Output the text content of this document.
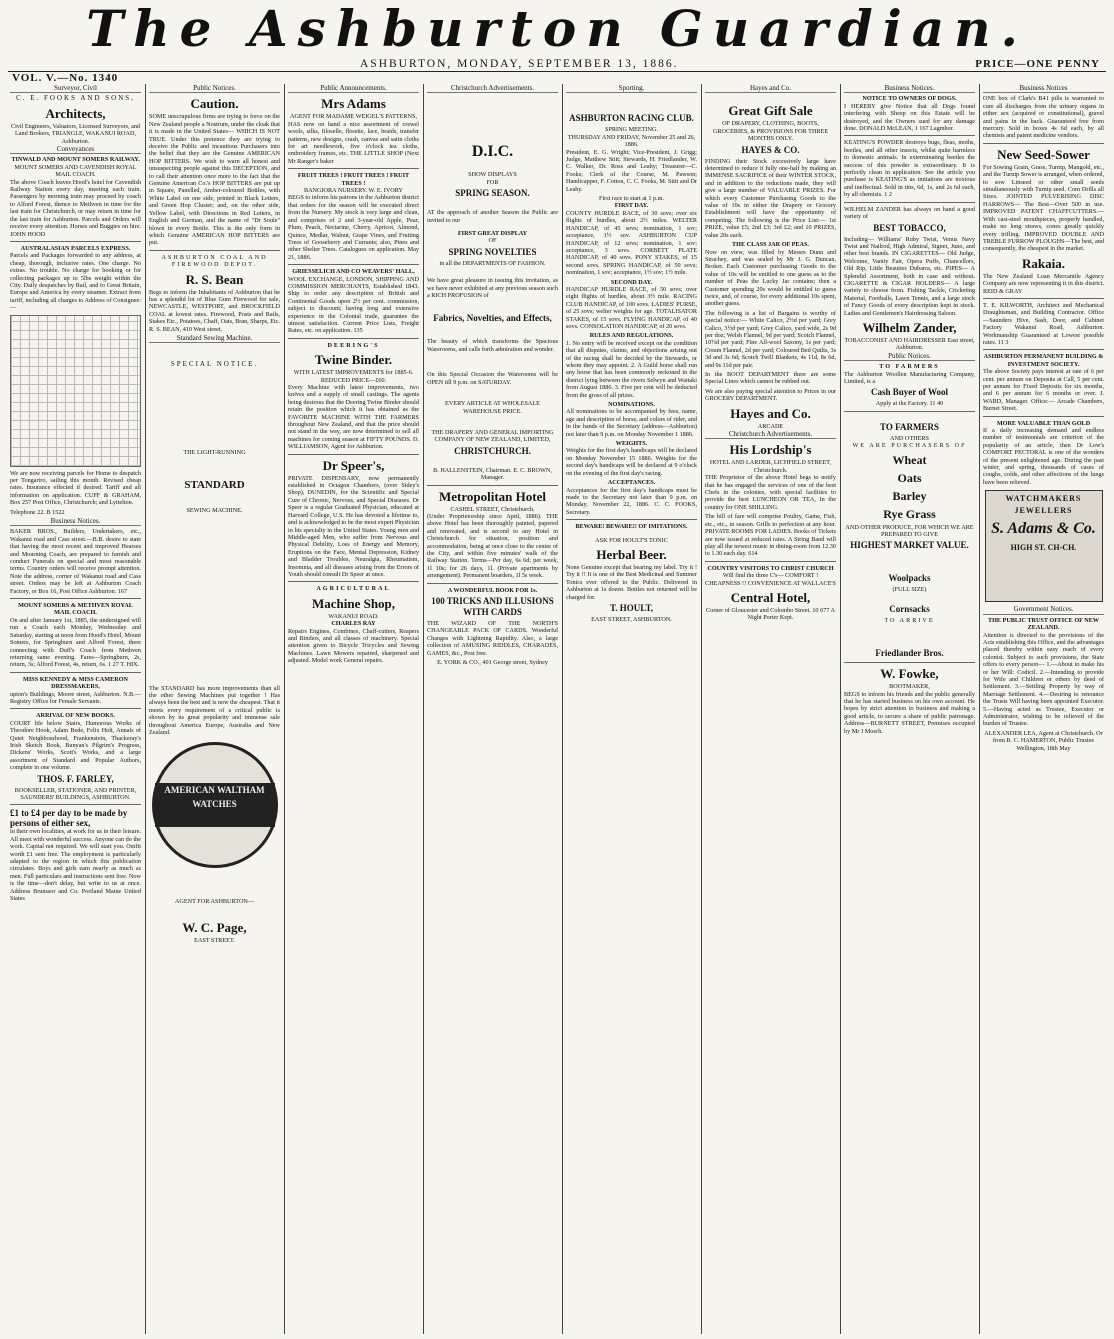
The Ashburton Guardian.
ASHBURTON, MONDAY, SEPTEMBER 13, 1886.	PRICE—ONE PENNY
VOL. V.—No. 1340
Surveyor, Civil
C. E. FOOKS AND SONS,
Architects,
Civil Engineers, Valuators, Licensed Surveyors, and Land Brokers, TRIANGLE, WAKANUI ROAD, Ashburton.
Conveyances
TINWALD AND MOUNT SOMERS RAILWAY.
MOUNT SOMERS AND CAVENDISH ROYAL MAIL COACH.
The above Coach leaves Hood's hotel for Cavendish Railway Station every day, meeting each train. Passengers by morning train may proceed by coach to Alford Forest, thence to Methven in time for the last train for Christchurch, or may return in time for the last train for Ashburton. Parcels and Orders will receive every attention. Horses and Buggies on hire. JOHN HOOD
AUSTRALASIAN PARCELS EXPRESS.
Parcels and Packages forwarded to any address, at cheap, thorough, inclusive rates. One charge. No extras. No trouble. No charge for booking or for collecting packages up to 5lbs weight within the City. Daily despatches by Rail, and to Great Britain, Europe and America by every steamer. Extract from tariff, including all charges to Address of Consignee:—
We are now receiving parcels for Home to despatch per Tongariro, sailing this month. Revised cheap rates. Insurance effected if desired. Tariff and all information on application. CUFF & GRAHAM, Box 257 Post Office, Christchurch; and Lyttelton.
Telephone 22. B 1522
Business Notices.
BAKER BROS., Builders, Undertakers, etc., Wakanui road and Cass street.—B.B. desire to state that having the most recent and improved Hearses and Mourning Coach, are prepared to furnish and conduct Funerals on special and most reasonable terms. Country orders will receive prompt attention. Note the address, corner of Wakanui road and Cass street. Orders may be left at Ashburton Coach Factory, or Box 16, Post Office Ashburton. 167
MOUNT SOMERS & METHVEN ROYAL MAIL COACH.
On and after January 1st, 1885, the undersigned will run a Coach each Monday, Wednesday and Saturday, starting at noon from Hood's Hotel, Mount Somers, for Springburn and Alford Forest, there connecting with Duff's Coach from Methven returning same evening. Fares—Springburn, 2s, return, 3s; Alford Forest, 4s, return, 6s. 1 27 T. HIX.
MISS KENNEDY & MISS CAMERON DRESSMAKERS,
upton's Buildings, Moore street, Ashburton. N.B.—Registry Office for Female Servants.
ARRIVAL OF NEW BOOKS.
COURT life below Stairs, Humorous Works of Theodore Hook, Adam Bede, Felix Holt, Annals of Quiet Neighbourhood, Frankenstein, Thackeray's Irish Sketch Book, Bunyan's Pilgrim's Progress, Dickens' Works, Scott's Works, and a large assortment of Standard and Popular Authors, complete in one volume.
THOS. F. FARLEY,
BOOKSELLER, STATIONER, AND PRINTER,
SAUNDERS' BUILDINGS, ASHBURTON.
£1 to £4 per day to be made by persons of either sex,
in their own localities, at work for us in their leisure. All meet with wonderful success. Anyone can do the work. Capital not required. We will start you. Outfit worth £1 sent free. The employment is particularly adapted to the region in which this publication circulates. Boys and girls earn nearly as much as men. Full particulars and instructions sent free. Now is the time—don't delay, but write to us at once. Address Brunssor and Co. Portland Maine United States
Public Notices.
Caution.
SOME unscrupulous firms are trying to force on the New Zealand people a Nostrum, under the cloak that it is made in the United States— WHICH IS NOT TRUE. Under this pretence they are trying to deceive the Public and incautious Purchasers into the belief that they are the Genuine AMERICAN HOP BITTERS. We wish to warn all honest and unsuspecting people against this DECEPTION, and to call their attention once more to the fact that the Genuine American Co.'s HOP BITTERS are put up in Square, Panelled, Amber-coloured Bottles, with White Label on one side, printed in Black Letters, and Green Hop Cluster; and, on the other side, Yellow Label, with Directions in Red Letters, in English and German, and the name of "Dr Soule" blown in every Bottle. This is the only form in which Genuine AMERICAN HOP BITTERS are put.
ASHBURTON COAL AND FIREWOOD DEPOT.
R. S. Bean
Begs to inform the Inhabitants of Ashburton that he has a splendid lot of Blue Gum Firewood for sale, NEWCASTLE, WESTPORT, and BROCKFIELD COAL at lowest rates. Firewood, Posts and Rails, Stakes Etc., Potatoes, Chaff, Oats, Bran, Sharps, Etc. R. S. BEAN, 410 West street.
Standard Sewing Machine.
SPECIAL NOTICE.
THE LIGHT-RUNNING
STANDARD
SEWING MACHINE.
The STANDARD has more improvements than all the other Sewing Machines put together ! Has always been the best and is now the cheapest. That it meets every requirement of a critical public is shown by its great popularity and immense sale throughout America Europe, Australia and New Zealand.
AMERICAN WALTHAM WATCHES
AGENT FOR ASHBURTON—
W. C. Page,
EAST STREET.
Public Announcements.
Mrs Adams
AGENT FOR MADAME WEIGEL'S PATTERNS,
HAS now on hand a nice assortment of crewel wools, silks, filoselle, flosette, lace, braids, transfer patterns, new designs, crash, canvas and satin cloths for art needlework, five o'clock tea cloths, embroidery frames, etc. THE LITTLE SHOP (Next Mr Ranger's baker
FRUIT TREES ! FRUIT TREES ! FRUIT TREES !
BANGIORA NURSERY. W. E. IVORY
BEGS to inform his patrons in the Ashburton district that orders for the season will be executed direct from the Nursery. My stock is very large and clean, and comprises of 2 and 3-year-old Apple, Pear, Plum, Peach, Nectarine, Cherry, Apricot, Almond, Quince, Medlar, Walnut, Grape Vines, and Fruiting Trees of Gooseberry and Currants; also, Pines and other Shelter Trees. Catalogues on application. May 21, 1886.
GRIESSELICH AND CO WEAVERS' HALL,
WOOL EXCHANGE, LONDON, SHIPPING AND COMMISSION MERCHANTS, Established 1843. Ship to order any description of British and Continental Goods upon 2½ per cent. commission, subject to discount; having long and extensive experience in the Colonial trade, guarantee the utmost satisfaction. Current Price Lists, Freight Rates, etc. on application. 135
DEERING'S
Twine Binder.
WITH LATEST IMPROVEMENTS for 1885-6. REDUCED PRICE—£60.
Every Machine with latest improvements, two knives and a supply of small castings. The agents being desirous that the Deering Twine Binder should retain the position which it has obtained as the FAVORITE MACHINE WITH THE FARMERS throughout New Zealand, and that the price should not stand in the way, are now determined to sell all machines for coming season at FIFTY POUNDS. D. WILLIAMSON, Agent for Ashburton.
Dr Speer's,
PRIVATE DISPENSARY, now permanently established in Octagon Chambers, (over Sidey's Shop), DUNEDIN, for the Scientific and Special Cure of Chronic, Nervous, and Special Diseases. Dr Speer is a regular Graduated Physician, educated at Harvard College, U.S. He has devoted a lifetime to, and is acknowledged to be the most expert Physician in his specialty in the United States. Young men and Middle-aged Men, who suffer from Nervous and Physical Debility, Loss of Energy and Memory, Eruptions on the Face, Mental Depression, Kidney and Bladder Troubles, Neuralgia, Rheumatism, Insomnia, and all diseases arising from the Errors of Youth should consult Dr Speer at once.
AGRICULTURAL
Machine Shop,
WAKANUI ROAD.
CHARLES RAY
Repairs Engines, Combines, Chaff-cutters, Reapers and Binders, and all classes of machinery. Special attention given to Bicycle Tricycles and Sewing Machines. Lawn Mowers repaired, sharpened and adjusted. Model work General repairs.
Christchurch Advertisements.
D.I.C.
SHOW DISPLAYS
FOR
SPRING SEASON.
AT the approach of another Season the Public are invited to our
FIRST GREAT DISPLAY
OF
SPRING NOVELTIES
in all the DEPARTMENTS OF FASHION.
We have great pleasure in issuing this invitation, as we have never exhibited at any previous season such a RICH PROFUSION of
Fabrics, Novelties, and Effects,
The beauty of which transforms the Spacious Warerooms, and calls forth admiration and wonder.
On this Special Occasion the Warerooms will be OPEN till 9 p.m. on SATURDAY.
EVERY ARTICLE AT WHOLESALE WAREHOUSE PRICE.
THE DRAPERY AND GENERAL IMPORTING COMPANY OF NEW ZEALAND, LIMITED,
CHRISTCHURCH.
B. HALLENSTEIN, Chairman. E. C. BROWN, Manager.
Metropolitan Hotel
CASHEL STREET, Christchurch.
(Under Proprietorship since April, 1886). THE above Hotel has been thoroughly painted, papered and renovated, and is second to any Hotel in Christchurch for situation, position and accommodation, being at once close to the centre of the City, and within five minutes' walk of the Railway Station. Terms—Per day, 6s 6d; per week, 1l 10s; for 26 days, 1l. (Private apartments by arrangement). Permanent boarders, 1l 5s week.
A WONDERFUL BOOK FOR 1s.
100 TRICKS AND ILLUSIONS WITH CARDS
THE WIZARD OF THE NORTH'S CHANGEABLE PACK OF CARDS. Wonderful Changes with Lightning Rapidity. Also, a large collection of AMUSING RIDDLES, CHARADES, GAMES, &c., Post free.
E. YORK & CO., 401 George street, Sydney
Sporting.
ASHBURTON RACING CLUB.
SPRING MEETING.
THURSDAY AND FRIDAY, November 25 and 26, 1886.
President, E. G. Wright; Vice-President, J. Grigg; Judge, Matthew Stitt; Stewards, H. Friedlander, W. C. Walker, Dr. Ross and Leahy; Treasurer—C. Fooks; Clerk of the Course, M. Pawson; Handicapper, F. Cotton, C. C. Fooks, M. Stitt and Dr Leahy.
First race to start at 1 p.m.
FIRST DAY.
COUNTY HURDLE RACE, of 30 sovs; over six flights of hurdles, about 2½ miles. WELTER HANDICAP, of 45 sovs; nomination, 1 sov; acceptance, 1½ sov. ASHBURTON CUP HANDICAP, of 12 sovs; nomination, 1 sov; acceptance, 3 sovs. CORBETT PLATE HANDICAP, of 40 sovs. PONY STAKES, of 15 second sovs. SPRING HANDICAP, of 50 sovs; nomination, 1 sov; acceptance, 1½ sov; 1½ mile.
SECOND DAY.
HANDICAP HURDLE RACE, of 50 sovs; over eight flights of hurdles, about 3½ mile. RACING CLUB HANDICAP, of 100 sovs. LADIES' PURSE, of 25 sovs; welter weights for age. TOTALISATOR STAKES, of 15 sovs. FLYING HANDICAP, of 40 sovs. CONSOLATION HANDICAP, of 20 sovs.
RULES AND REGULATIONS.
1. No entry will be received except on the condition that all disputes, claims, and objections arising out of the racing shall be decided by the Stewards, or whom they may appoint. 2. A Guild horse shall run any horse that has been commonly reckoned in the district lying between the rivers Selwyn and Waitaki from August 1886. 3. Five per cent will be deducted from the gross of all prizes.
NOMINATIONS.
All nominations to be accompanied by fees, name, age and description of horse, and colors of rider, and in the hands of the Secretary (address—Ashburton) not later than 9 p.m. on Monday November 1 1886.
WEIGHTS.
Weights for the first day's handicaps will be declared on Monday November 15 1886. Weights for the second day's handicaps will be declared at 9 o'clock on the evening of the first day's racing.
ACCEPTANCES.
Acceptances for the first day's handicaps must be made to the Secretary not later than 9 p.m. on Monday, November 22, 1886. C. C. FOOKS, Secretary.
BEWARE! BEWARE!! OF IMITATIONS.
ASK FOR HOULT'S TONIC
Herbal Beer.
None Genuine except that bearing my label. Try it ! Try it !! It is one of the Best Medicinal and Summer Tonics ever offered to the Public. Delivered in Ashburton at 1s dozen. Bottles not returned will be charged for.
T. HOULT,
EAST STREET, ASHBURTON.
Hayes and Co.
Great Gift Sale
OF DRAPERY, CLOTHING, BOOTS, GROCERIES, & PROVISIONS FOR THREE MONTHS ONLY.
HAYES & CO.
FINDING their Stock excessively large have determined to reduce it fully one-half by making an IMMENSE SACRIFICE of their WINTER STOCK, and in addition to the reductions made, they will give a large number of VALUABLE PRIZES. For which every Customer Purchasing Goods to the value of 10s in either the Drapery or Grocery Establishment will have the opportunity of competing. The following is the Price List:— 1st PRIZE, value £5; 2nd £3; 3rd £2; and 10 PRIZES, value 20s each.
THE CLASS JAR OF PEAS.
Now on view, was filled by Messrs Dunn and Strachey, and was sealed by Mr J. G. Duncan, Broker. Each Customer purchasing Goods to the value of 10s will be entitled to one guess as to the number of Peas the Lucky Jar contains; then a Customer spending 20s would be entitled to guess twice, and, of course, for every additional 10s spent, another guess.
The following is a list of Bargains is worthy of special notice:— White Calico, 2½d per yard; Grey Calico, 3½d per yard; Grey Calico, yard wide, 2s 9d per doz; Welsh Flannel, 9d per yard; Scotch Flannel, 10½d per yard; Fine All-wool Saxony, 1s per yard; Cream Flannel, 2d per yard; Coloured Bed Quilts, 3s 3d and 3s 6d; Scotch Twill Blankets, 4s 11d, 8s 6d, and 9s 11d per pair.
In the BOOT DEPARTMENT there are some Special Lines which cannot be rubbed out.
We are also paying special attention to Prices in our GROCERY DEPARTMENT.
Hayes and Co.
ARCADE
Christchurch Advertisements.
His Lordship's
HOTEL AND LARDER, LICHFIELD STREET, Christchurch.
THE Proprietor of the above Hotel begs to notify that he has engaged the services of one of the best Chefs in the colonies, with special facilities to provide the best LUNCHEON OR TEA, In the country for ONE SHILLING.
The bill of fare will comprise Poultry, Game, Fish, etc., etc., in season. Grills to perfection at any hour. PRIVATE ROOMS FOR LADIES. Books of Tickets are now issued at reduced rates. A String Band will play all the newest music in dining-room from 12.30 to 1.30 each day. 614
COUNTRY VISITORS TO CHRIST CHURCH
Will find the three C's— COMFORT ! CHEAPNESS !! CONVENIENCE AT WALLACE'S
Central Hotel,
Corner of Gloucester and Colombo Street. 10 677 A Night Porter Kept.
Business Notices.
NOTICE TO OWNERS OF DOGS.
I HEREBY give Notice that all Dogs found interfering with Sheep on this Estate will be destroyed, and the Owners sued for any damage done. DONALD McLEAN, 1 167 Lagmhor.
KEATING'S POWDER destroys bugs, fleas, moths, beetles, and all other insects, whilst quite harmless to domestic animals. In exterminating beetles the success of this powder is extraordinary. It is perfectly clean in application. See the article you purchase is KEATING'S as imitations are noxious and ineffectual. Sold in tins, 6d, 1s, and 2s 6d each, by all chemists. 1 2
WILHELM ZANDER has always on hand a good variety of
BEST TOBACCO,
Including— Williams' Ruby Twist, Venus Navy Twist and Nailrod, High Admiral, Signet, Juno, and other best brands. IN CIGARETTES— Old Judge, Welcome, Vanity Fair, Opera Puffs, Chancellors, Old Rip, Little Beauties Dubarra, etc. PIPES— A Splendid Assortment, both in case and without. CIGARETTE & CIGAR HOLDERS— A large variety to choose from. Fishing Tackle, Cricketing Material, Footballs, Lawn Tennis, and a large stock of Fancy Goods of every description kept in stock. Ladies and Gentlemen's Hairdressing Saloon.
Wilhelm Zander,
TOBACCONIST AND HAIRDRESSER East street, Ashburton.
Public Notices.
TO FARMERS
The Ashburton Woollen Manufacturing Company, Limited, is a
Cash Buyer of Wool
Apply at the Factory. 11 40
TO FARMERS
AND OTHERS
WE ARE PURCHASERS OF
Wheat
Oats
Barley
Rye Grass
AND OTHER PRODUCE, FOR WHICH WE ARE PREPARED TO GIVE
HIGHEST MARKET VALUE.
Woolpacks
(FULL SIZE)
Cornsacks
TO ARRIVE
Friedlander Bros.
W. Fowke,
BOOTMAKER,
BEGS to inform his friends and the public generally that he has started business on his own account. He hopes by strict attention to business and making a good article, to secure a share of public patronage. Address—BURNETT STREET, Premises occupied by Mr J Moerh.
Business Notices
ONE box of Clark's B41 pills is warranted to cure all discharges from the urinary organs in either sex (acquired or constitutional), gravel and pains in the back. Guaranteed free from mercury. Sold in boxes 4s 6d each, by all chemists and patent medicine vendors.
New Seed-Sower
For Sowing Grain, Grass, Turnip, Mangold, etc., and the Turnip Sower is arranged, when ordered, to sow Linseed or other small seeds simultaneously with Turnip seed. Corn Drills all Sizes. JOINTED PULVERISING DISC HARROWS— The Best—Over 500 in use. IMPROVED PATENT CHAFFCUTTERS.—With cast-steel mouthpieces, properly handled, make no long straws, cones greatly quickly every trifling. IMPROVED DOUBLE AND TREBLE FURROW PLOUGHS—The best, and consequently, the cheapest in the market.
Rakaia.
The New Zealand Loan Mercantile Agency Company are now representing it in this district. REID & GRAY
T. E. KILWORTH, Architect and Mechanical Draughtsman, and Building Contractor. Office—Saunders Hive, Sash, Door, and Cabinet Factory Wakanui Road, Ashburton. Workmanship Guaranteed at Lowest possible rates. 11 3
ASHBURTON PERMANENT BUILDING & INVESTMENT SOCIETY.
The above Society pays interest at rate of 6 per cent. per annum on Deposits at Call, 5 per cent. per annum for Fixed Deposits for six months, and 6 per annum for 6 months or over. J. WARD, Manager. Office:— Arcade Chambers, Burnet Street.
MORE VALUABLE THAN GOLD
If a daily increasing demand and endless number of testimonials are criterion of the popularity of an article, then Dr Low's COMFORT PECTORAL is one of the wonders of the present enlightened age. During the past winter, and spring, thousands of cases of coughs, colds, and other affections of the lungs have been relieved.
WATCHMAKERS
JEWELLERS
S. Adams & Co.
HIGH ST. CH-CH.
Government Notices.
THE PUBLIC TRUST OFFICE OF NEW ZEALAND.
Attention is directed to the provisions of the Acts establishing this Office, and the advantages placed thereby within easy reach of every colonist. Subject to such provisions, the State offers to every person— 1.—About to make his or her Will: Codicil. 2.—Intending to provide for Wife and Children or others by deed of Settlement. 3.—Settling Property by way of Marriage Settlement. 4.—Desiring to renounce the Trusts Will having been appointed Executor. 5.—Having acted as Trustee, Executor or Administrator, wishing to be relieved of the burden of Trustee.
ALEXANDER LEA, Agent at Christchurch. Or from B. C. HAMERTON, Public Trustee
Wellington, 18th May
